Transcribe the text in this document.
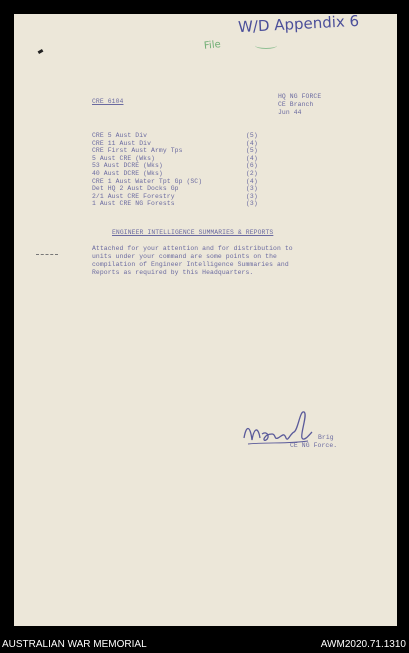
W/D Appendix 6
File
CRE 6104
HQ NG FORCE
CE Branch
Jun 44
CRE 5 Aust Div
CRE 11 Aust Div
CRE First Aust Army Tps
5 Aust CRE (Wks)
53 Aust DCRE (Wks)
40 Aust DCRE (Wks)
CRE 1 Aust Water Tpt Gp (SC)
Det HQ 2 Aust Docks Gp
2/1 Aust CRE Forestry
1 Aust CRE NG Forests
(5)
(4)
(5)
(4)
(6)
(2)
(4)
(3)
(3)
(3)
ENGINEER INTELLIGENCE SUMMARIES & REPORTS
Attached for your attention and for distribution to
units under your command are some points on the
compilation of Engineer Intelligence Summaries and
Reports as required by this Headquarters.
Brig
CE NG Force.
AUSTRALIAN WAR MEMORIAL	AWM2020.71.1310
